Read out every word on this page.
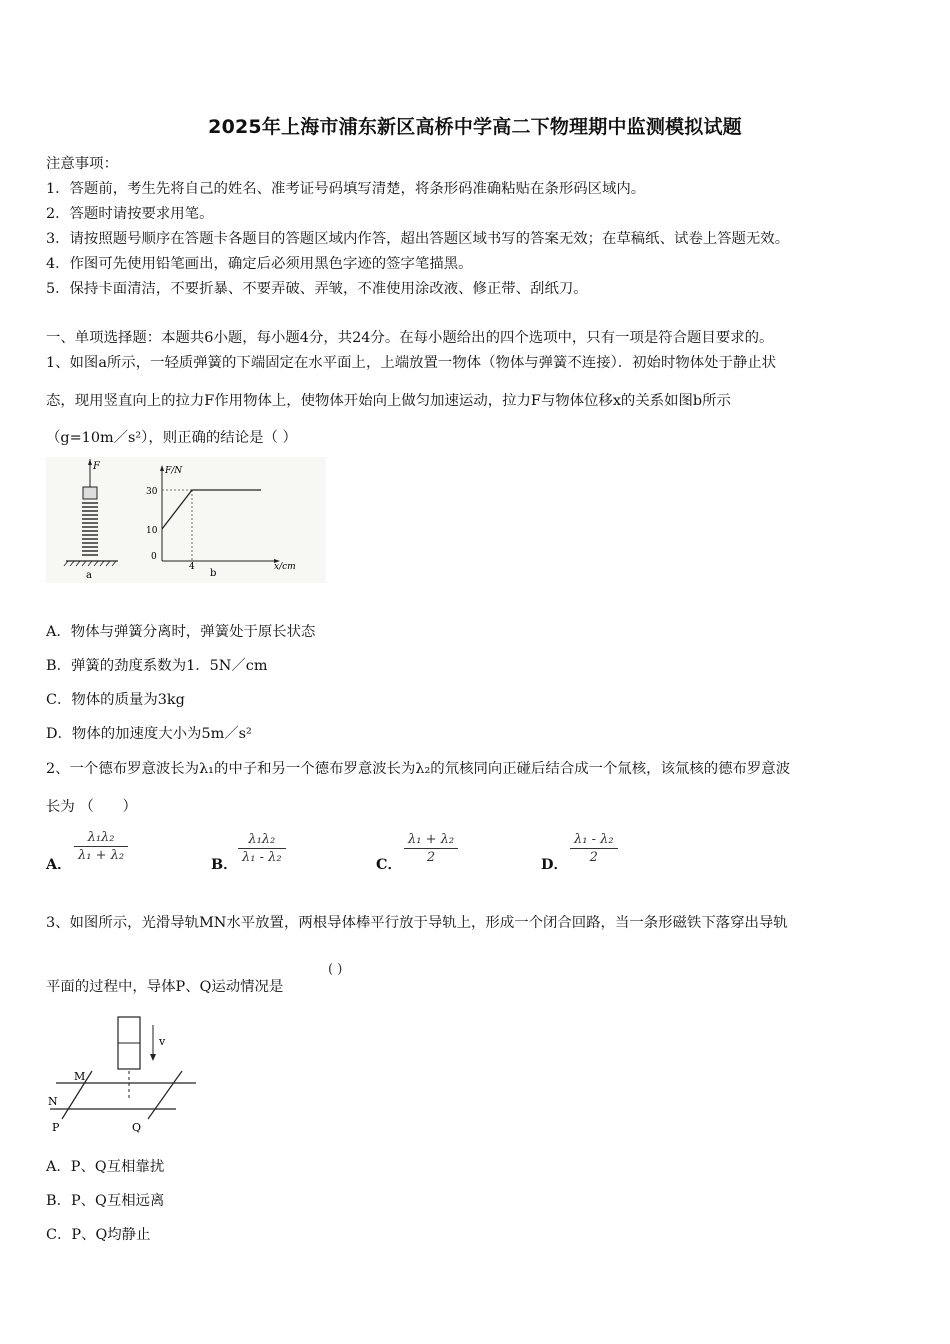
2025年上海市浦东新区高桥中学高二下物理期中监测模拟试题
注意事项：
1．答题前，考生先将自己的姓名、准考证号码填写清楚，将条形码准确粘贴在条形码区域内。
2．答题时请按要求用笔。
3．请按照题号顺序在答题卡各题目的答题区域内作答，超出答题区域书写的答案无效；在草稿纸、试卷上答题无效。
4．作图可先使用铅笔画出，确定后必须用黑色字迹的签字笔描黑。
5．保持卡面清洁，不要折暴、不要弄破、弄皱，不准使用涂改液、修正带、刮纸刀。
一、单项选择题：本题共6小题，每小题4分，共24分。在每小题给出的四个选项中，只有一项是符合题目要求的。
1、如图a所示，一轻质弹簧的下端固定在水平面上，上端放置一物体（物体与弹簧不连接）．初始时物体处于静止状
态，现用竖直向上的拉力F作用物体上，使物体开始向上做匀加速运动，拉力F与物体位移x的关系如图b所示
（g=10m／s²），则正确的结论是（ ）
F
a
F/N
30
10
0
4	x/cm
b
A．物体与弹簧分离时，弹簧处于原长状态
B．弹簧的劲度系数为1．5N／cm
C．物体的质量为3kg
D．物体的加速度大小为5m／s²
2、一个德布罗意波长为λ₁的中子和另一个德布罗意波长为λ₂的氘核同向正碰后结合成一个氚核，该氚核的德布罗意波
长为 （　　）
A．
λ₁λ₂
λ₁ + λ₂
B．
λ₁λ₂
λ₁ - λ₂	C．
λ₁ + λ₂
2	D．
λ₁ - λ₂
2
3、如图所示，光滑导轨MN水平放置，两根导体棒平行放于导轨上，形成一个闭合回路，当一条形磁铁下落穿出导轨
平面的过程中，导体P、Q运动情况是
( )
v
M
N
P	Q
A．P、Q互相靠扰
B．P、Q互相远离
C．P、Q均静止
